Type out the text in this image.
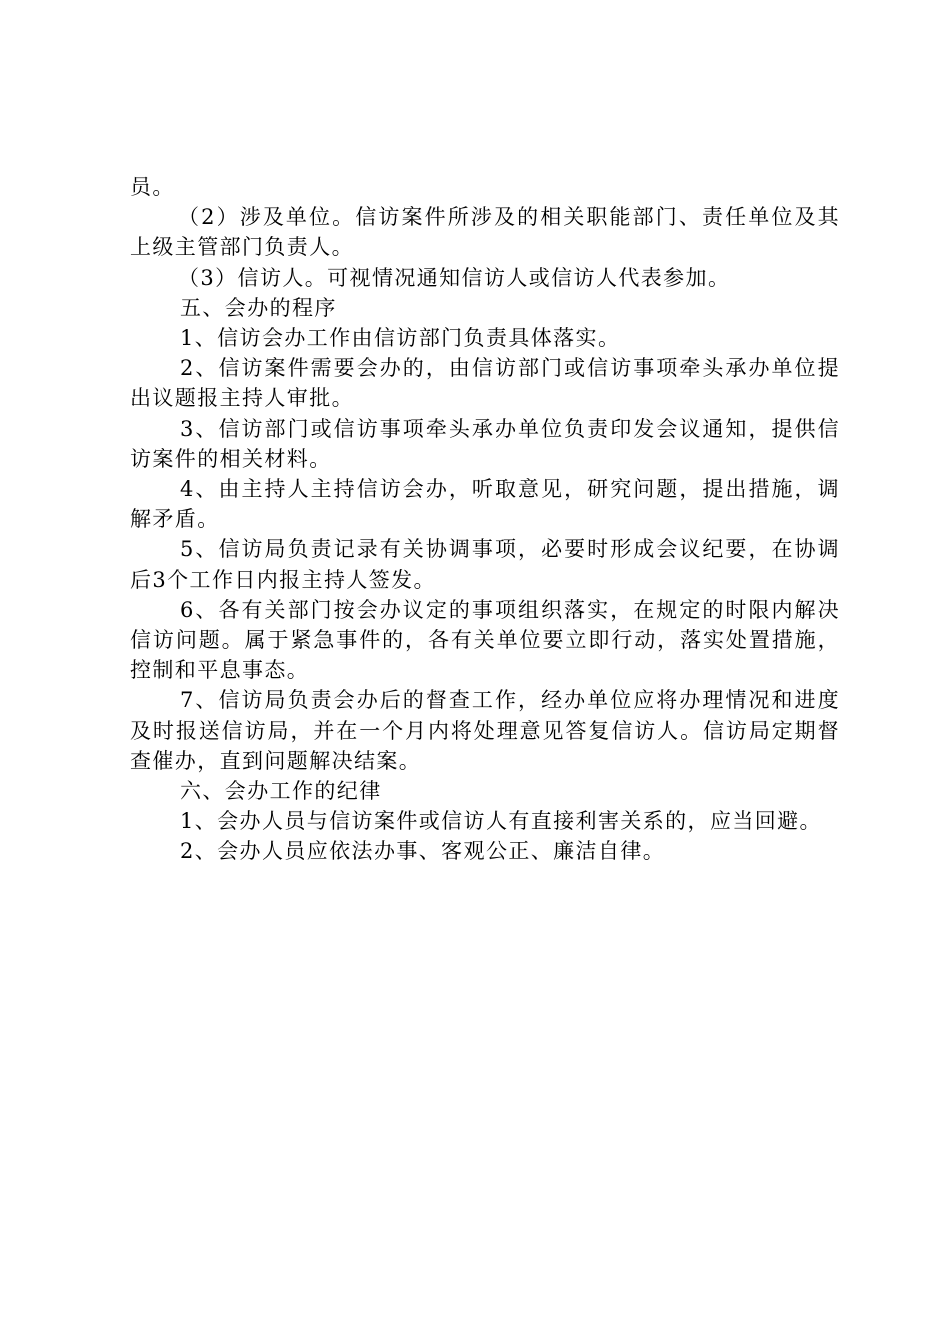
员。

（2）涉及单位。信访案件所涉及的相关职能部门、责任单位及其上级主管部门负责人。

（3）信访人。可视情况通知信访人或信访人代表参加。

五、会办的程序

1、信访会办工作由信访部门负责具体落实。

2、信访案件需要会办的，由信访部门或信访事项牵头承办单位提出议题报主持人审批。

3、信访部门或信访事项牵头承办单位负责印发会议通知，提供信访案件的相关材料。

4、由主持人主持信访会办，听取意见，研究问题，提出措施，调解矛盾。

5、信访局负责记录有关协调事项，必要时形成会议纪要，在协调后3个工作日内报主持人签发。

6、各有关部门按会办议定的事项组织落实，在规定的时限内解决信访问题。属于紧急事件的，各有关单位要立即行动，落实处置措施，控制和平息事态。

7、信访局负责会办后的督查工作，经办单位应将办理情况和进度及时报送信访局，并在一个月内将处理意见答复信访人。信访局定期督查催办，直到问题解决结案。

六、会办工作的纪律

1、会办人员与信访案件或信访人有直接利害关系的，应当回避。

2、会办人员应依法办事、客观公正、廉洁自律。
